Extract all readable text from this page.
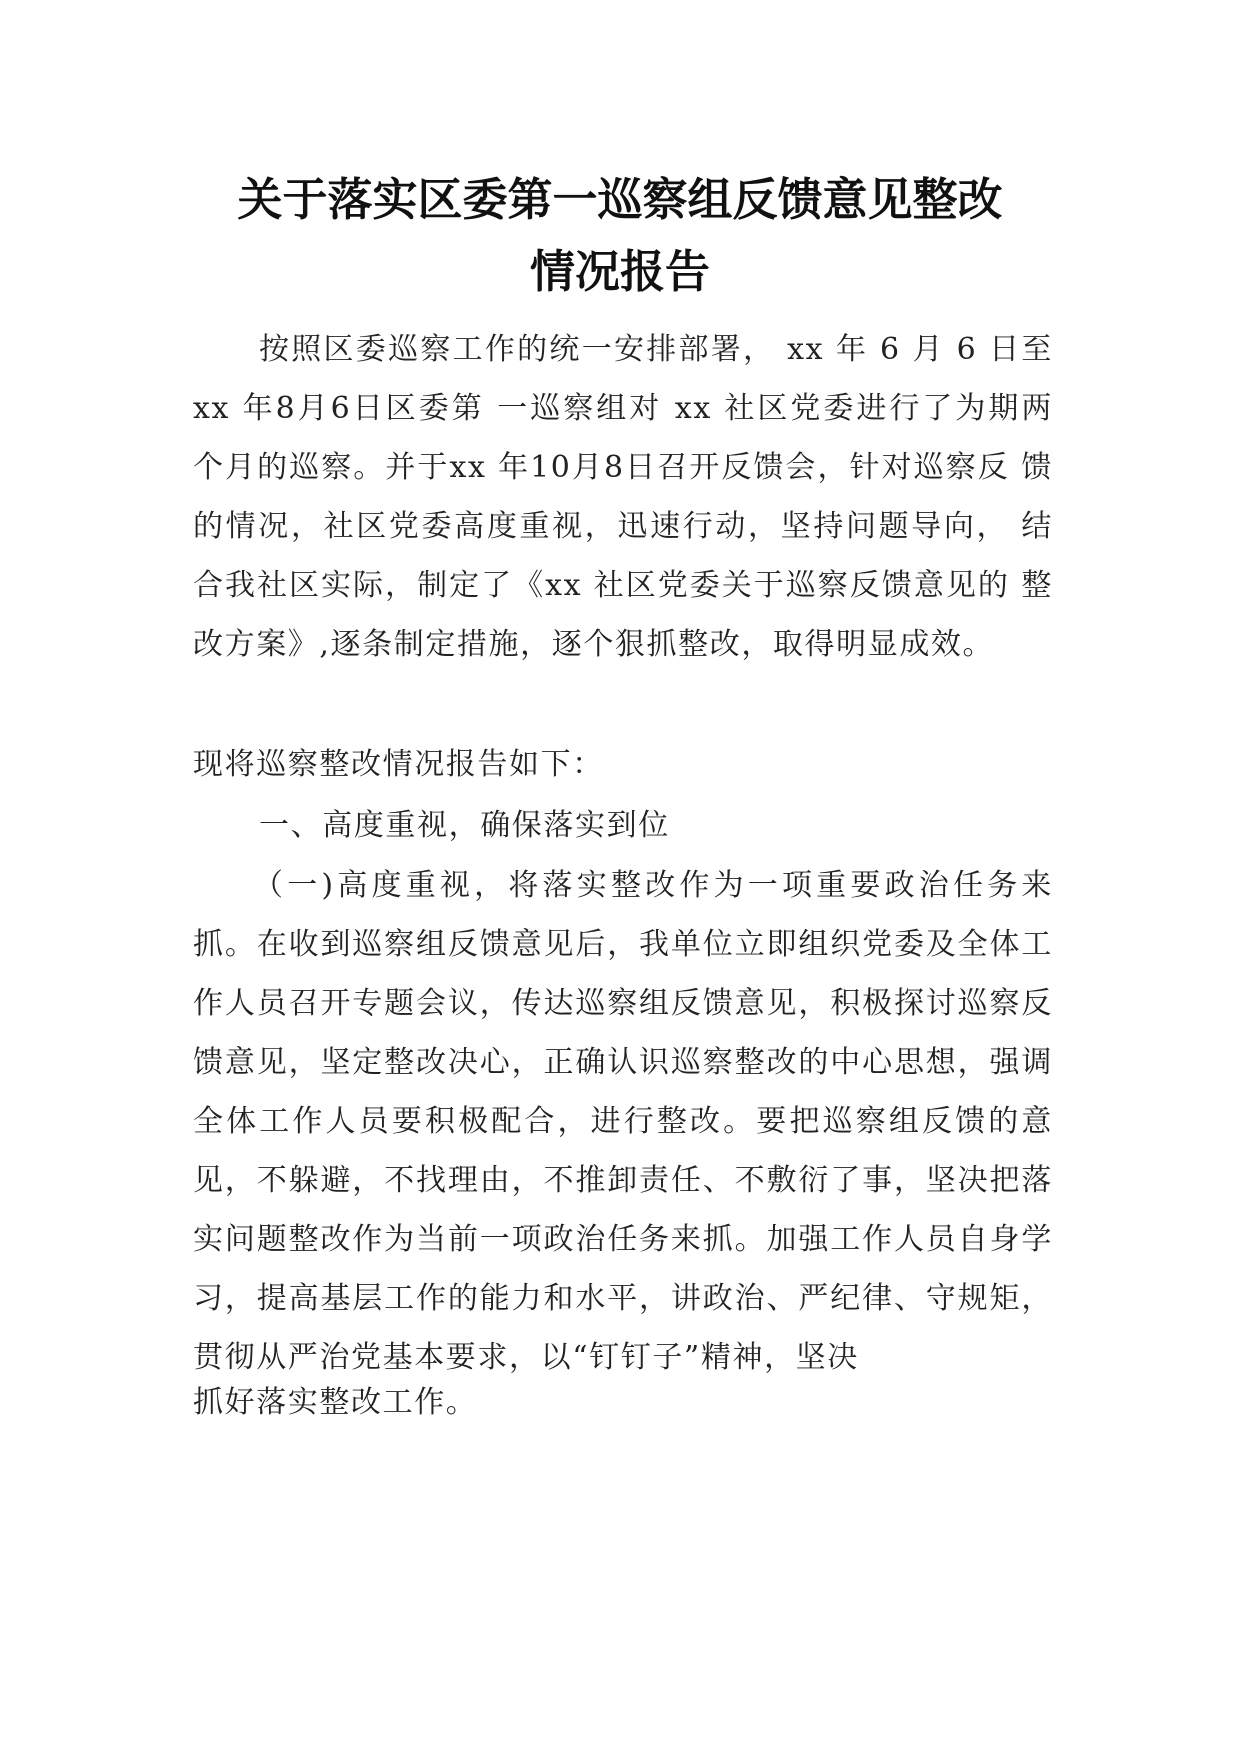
关于落实区委第一巡察组反馈意见整改
情况报告

按照区委巡察工作的统一安排部署， xx 年 6 月 6 日至 xx 年8月6日区委第 一巡察组对 xx 社区党委进行了为期两 个月的巡察。并于xx 年10月8日召开反馈会，针对巡察反 馈的情况，社区党委高度重视，迅速行动，坚持问题导向， 结合我社区实际，制定了《xx 社区党委关于巡察反馈意见的 整改方案》,逐条制定措施，逐个狠抓整改，取得明显成效。

现将巡察整改情况报告如下：

一、高度重视，确保落实到位

（一)高度重视，将落实整改作为一项重要政治任务来抓。在收到巡察组反馈意见后，我单位立即组织党委及全体工作人员召开专题会议，传达巡察组反馈意见，积极探讨巡察反馈意见，坚定整改决心，正确认识巡察整改的中心思想，强调全体工作人员要积极配合，进行整改。要把巡察组反馈的意见，不躲避，不找理由，不推卸责任、不敷衍了事，坚决把落实问题整改作为当前一项政治任务来抓。加强工作人员自身学习，提高基层工作的能力和水平，讲政治、严纪律、守规矩，贯彻从严治党基本要求，以“钉钉子”精神，坚决

抓好落实整改工作。
